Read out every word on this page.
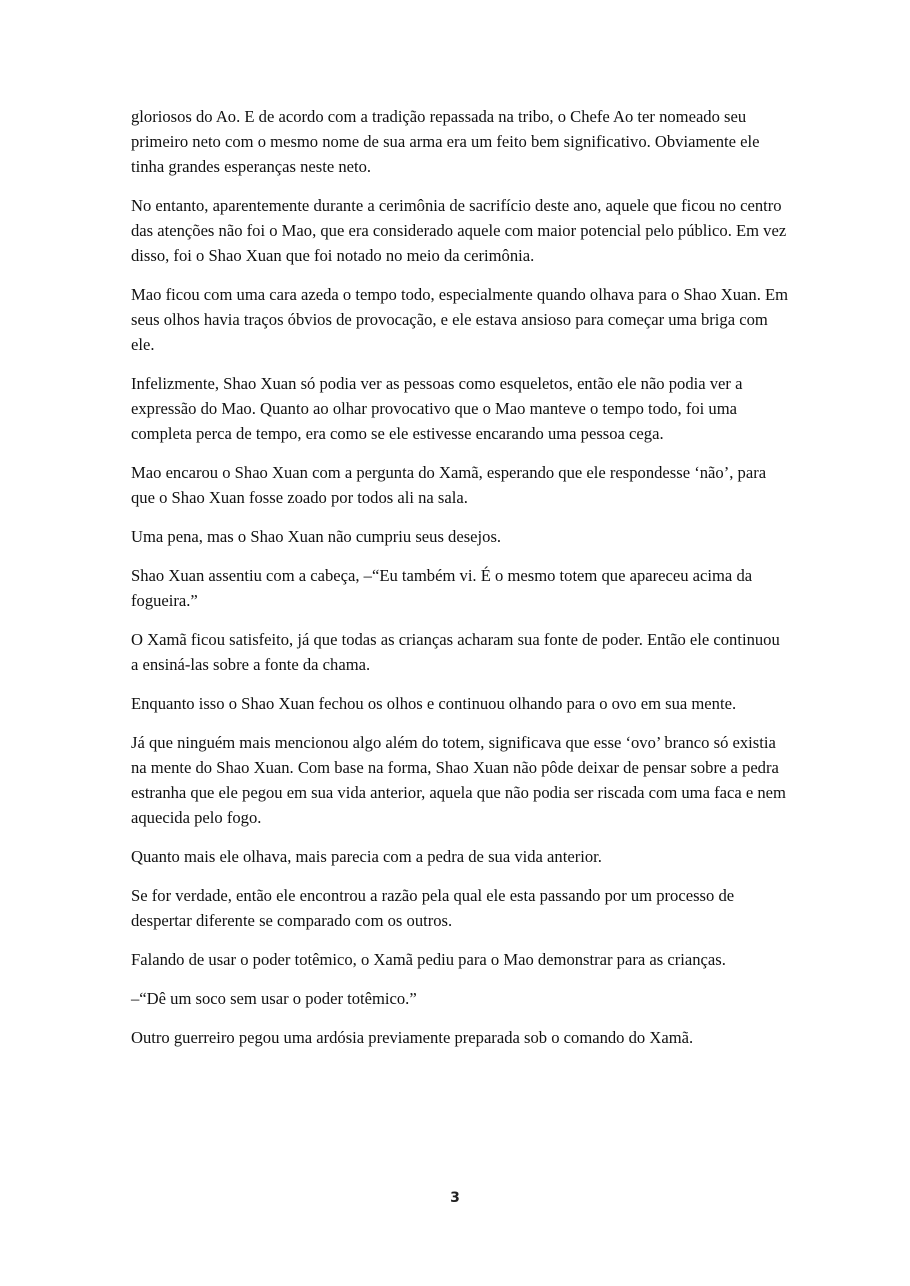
gloriosos do Ao. E de acordo com a tradição repassada na tribo, o Chefe Ao ter nomeado seu primeiro neto com o mesmo nome de sua arma era um feito bem significativo. Obviamente ele tinha grandes esperanças neste neto.

No entanto, aparentemente durante a cerimônia de sacrifício deste ano, aquele que ficou no centro das atenções não foi o Mao, que era considerado aquele com maior potencial pelo público. Em vez disso, foi o Shao Xuan que foi notado no meio da cerimônia.

Mao ficou com uma cara azeda o tempo todo, especialmente quando olhava para o Shao Xuan. Em seus olhos havia traços óbvios de provocação, e ele estava ansioso para começar uma briga com ele.

Infelizmente, Shao Xuan só podia ver as pessoas como esqueletos, então ele não podia ver a expressão do Mao. Quanto ao olhar provocativo que o Mao manteve o tempo todo, foi uma completa perca de tempo, era como se ele estivesse encarando uma pessoa cega.

Mao encarou o Shao Xuan com a pergunta do Xamã, esperando que ele respondesse ‘não’, para que o Shao Xuan fosse zoado por todos ali na sala.

Uma pena, mas o Shao Xuan não cumpriu seus desejos.

Shao Xuan assentiu com a cabeça, –“Eu também vi. É o mesmo totem que apareceu acima da fogueira.”

O Xamã ficou satisfeito, já que todas as crianças acharam sua fonte de poder. Então ele continuou a ensiná-las sobre a fonte da chama.

Enquanto isso o Shao Xuan fechou os olhos e continuou olhando para o ovo em sua mente.

Já que ninguém mais mencionou algo além do totem, significava que esse ‘ovo’ branco só existia na mente do Shao Xuan. Com base na forma, Shao Xuan não pôde deixar de pensar sobre a pedra estranha que ele pegou em sua vida anterior, aquela que não podia ser riscada com uma faca e nem aquecida pelo fogo.

Quanto mais ele olhava, mais parecia com a pedra de sua vida anterior.

Se for verdade, então ele encontrou a razão pela qual ele esta passando por um processo de despertar diferente se comparado com os outros.

Falando de usar o poder totêmico, o Xamã pediu para o Mao demonstrar para as crianças.

–“Dê um soco sem usar o poder totêmico.”

Outro guerreiro pegou uma ardósia previamente preparada sob o comando do Xamã.

3
